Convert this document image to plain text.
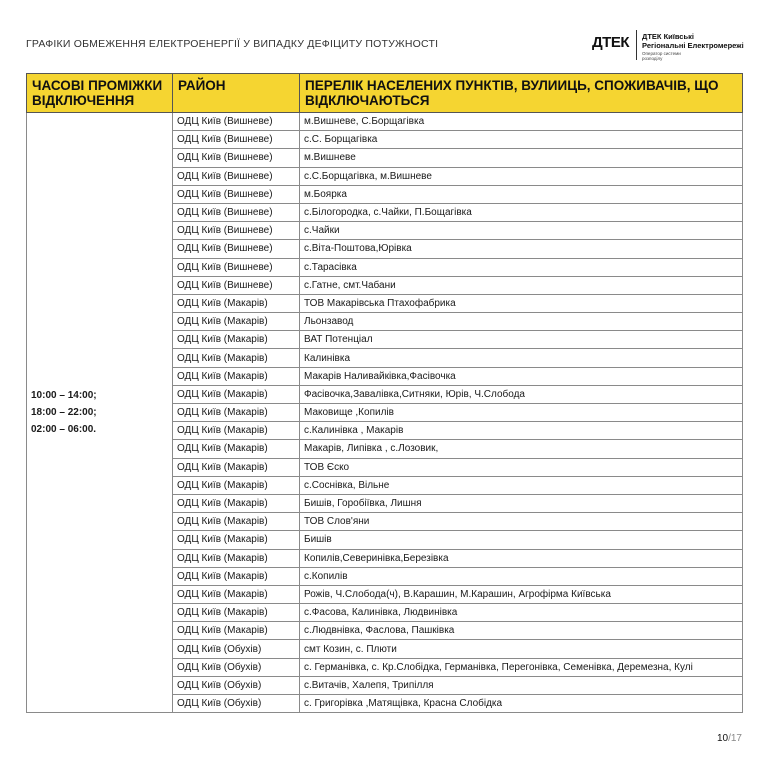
ГРАФІКИ ОБМЕЖЕННЯ ЕЛЕКТРОЕНЕРГІЇ У ВИПАДКУ ДЕФІЦИТУ ПОТУЖНОСТІ	ДТЕК ДТЕК Київські
Регіональні Електромережі
Оператор системи розподілу
ЧАСОВІ ПРОМІЖКИ ВІДКЛЮЧЕННЯ	РАЙОН	ПЕРЕЛІК НАСЕЛЕНИХ ПУНКТІВ, ВУЛИИЦЬ, СПОЖИВАЧІВ, ЩО ВІДКЛЮЧАЮТЬСЯ

10:00 – 14:00;
18:00 – 22:00;
02:00 – 06:00.	ОДЦ Київ (Вишневе)	м.Вишневе, С.Борщагівка
	ОДЦ Київ (Вишневе)	с.С. Борщагівка
	ОДЦ Київ (Вишневе)	м.Вишневе
	ОДЦ Київ (Вишневе)	с.С.Борщагівка, м.Вишневе
	ОДЦ Київ (Вишневе)	м.Боярка
	ОДЦ Київ (Вишневе)	с.Білогородка, с.Чайки, П.Бощагівка
	ОДЦ Київ (Вишневе)	с.Чайки
	ОДЦ Київ (Вишневе)	с.Віта-Поштова,Юрівка
	ОДЦ Київ (Вишневе)	с.Тарасівка
	ОДЦ Київ (Вишневе)	с.Гатне, смт.Чабани
	ОДЦ Київ (Макарів)	ТОВ Макарівська Птахофабрика
	ОДЦ Київ (Макарів)	Льонзавод
	ОДЦ Київ (Макарів)	ВАТ Потенціал
	ОДЦ Київ (Макарів)	Калинівка
	ОДЦ Київ (Макарів)	Макарів Наливайківка,Фасівочка
	ОДЦ Київ (Макарів)	Фасівочка,Завалівка,Ситняки, Юрів, Ч.Слобода
	ОДЦ Київ (Макарів)	Маковище ,Копилів
	ОДЦ Київ (Макарів)	с.Калинівка , Макарів
	ОДЦ Київ (Макарів)	Макарів, Липівка , с.Лозовик,
	ОДЦ Київ (Макарів)	ТОВ Єско
	ОДЦ Київ (Макарів)	с.Соснівка, Вільне
	ОДЦ Київ (Макарів)	Бишів, Горобіївка, Лишня
	ОДЦ Київ (Макарів)	ТОВ Слов'яни
	ОДЦ Київ (Макарів)	Бишів
	ОДЦ Київ (Макарів)	Копилів,Северинівка,Березівка
	ОДЦ Київ (Макарів)	с.Копилів
	ОДЦ Київ (Макарів)	Рожів, Ч.Слобода(ч), В.Карашин, М.Карашин, Агрофірма Київська
	ОДЦ Київ (Макарів)	с.Фасова, Калинівка, Людвинівка
	ОДЦ Київ (Макарів)	с.Людвнівка, Фаслова, Пашківка
	ОДЦ Київ (Обухів)	смт Козин, с. Плюти
	ОДЦ Київ (Обухів)	с. Германівка, с. Кр.Слобідка, Германівка, Перегонівка, Семенівка, Деремезна, Кулі
	ОДЦ Київ (Обухів)	с.Витачів, Халепя, Трипілля
	ОДЦ Київ (Обухів)	с. Григорівка ,Матящівка, Красна Слобідка
10/17
